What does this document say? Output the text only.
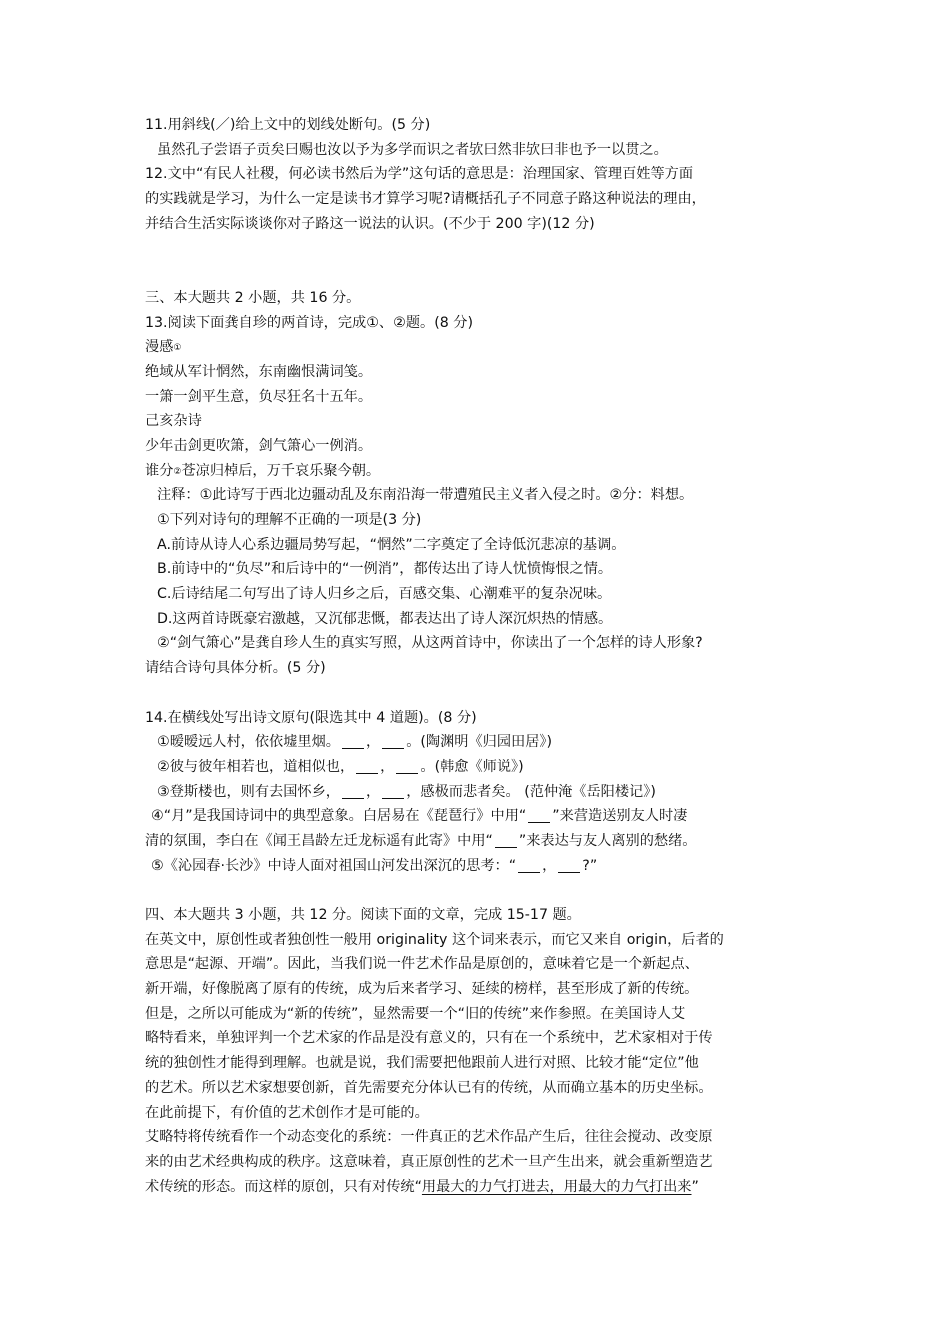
11.用斜线(／)给上文中的划线处断句。(5 分)
虽然孔子尝语子贡矣曰赐也汝以予为多学而识之者欤曰然非欤曰非也予一以贯之。
12.文中“有民人社稷，何必读书然后为学”这句话的意思是：治理国家、管理百姓等方面
的实践就是学习，为什么一定是读书才算学习呢?请概括孔子不同意子路这种说法的理由，
并结合生活实际谈谈你对子路这一说法的认识。(不少于 200 字)(12 分)
三、本大题共 2 小题，共 16 分。
13.阅读下面龚自珍的两首诗，完成①、②题。(8 分)
漫感①
绝域从军计惘然，东南幽恨满词笺。
一箫一剑平生意，负尽狂名十五年。
己亥杂诗
少年击剑更吹箫，剑气箫心一例消。
谁分②苍凉归棹后，万千哀乐聚今朝。
注释：①此诗写于西北边疆动乱及东南沿海一带遭殖民主义者入侵之时。②分：料想。
①下列对诗句的理解不正确的一项是(3 分)
A.前诗从诗人心系边疆局势写起，“惘然”二字奠定了全诗低沉悲凉的基调。
B.前诗中的“负尽”和后诗中的“一例消”，都传达出了诗人忧愤悔恨之情。
C.后诗结尾二句写出了诗人归乡之后，百感交集、心潮难平的复杂况味。
D.这两首诗既豪宕激越，又沉郁悲慨，都表达出了诗人深沉炽热的情感。
②“剑气箫心”是龚自珍人生的真实写照，从这两首诗中，你读出了一个怎样的诗人形象?
请结合诗句具体分析。(5 分)
14.在横线处写出诗文原句(限选其中 4 道题)。(8 分)
①暧暧远人村，依依墟里烟。 ， 。(陶渊明《归园田居》)
②彼与彼年相若也，道相似也， ， 。(韩愈《师说》)
③登斯楼也，则有去国怀乡， ， ，感极而悲者矣。 (范仲淹《岳阳楼记》)
④“月”是我国诗词中的典型意象。白居易在《琵琶行》中用“ ”来营造送别友人时凄
清的氛围，李白在《闻王昌龄左迁龙标遥有此寄》中用“ ”来表达与友人离别的愁绪。
⑤《沁园春·长沙》中诗人面对祖国山河发出深沉的思考：“ ， ?”
四、本大题共 3 小题，共 12 分。阅读下面的文章，完成 15-17 题。
在英文中，原创性或者独创性一般用 originality 这个词来表示，而它又来自 origin，后者的
意思是“起源、开端”。因此，当我们说一件艺术作品是原创的，意味着它是一个新起点、
新开端，好像脱离了原有的传统，成为后来者学习、延续的榜样，甚至形成了新的传统。
但是，之所以可能成为“新的传统”，显然需要一个“旧的传统”来作参照。在美国诗人艾
略特看来，单独评判一个艺术家的作品是没有意义的，只有在一个系统中，艺术家相对于传
统的独创性才能得到理解。也就是说，我们需要把他跟前人进行对照、比较才能“定位”他
的艺术。所以艺术家想要创新，首先需要充分体认已有的传统，从而确立基本的历史坐标。
在此前提下，有价值的艺术创作才是可能的。
艾略特将传统看作一个动态变化的系统：一件真正的艺术作品产生后，往往会搅动、改变原
来的由艺术经典构成的秩序。这意味着，真正原创性的艺术一旦产生出来，就会重新塑造艺
术传统的形态。而这样的原创，只有对传统“用最大的力气打进去，用最大的力气打出来”
